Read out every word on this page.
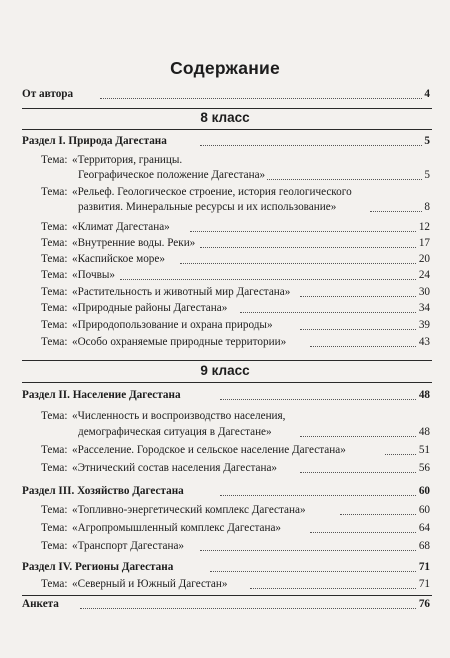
Содержание
От автора	4
8 класс
Раздел I. Природа Дагестана	5
Тема: «Территория, границы.
Географическое положение Дагестана»	5
Тема: «Рельеф. Геологическое строение, история геологического
развития. Минеральные ресурсы и их использование»	8
Тема: «Климат Дагестана»	12
Тема: «Внутренние воды. Реки»	17
Тема: «Каспийское море»	20
Тема: «Почвы»	24
Тема: «Растительность и животный мир Дагестана»	30
Тема: «Природные районы Дагестана»	34
Тема: «Природопользование и охрана природы»	39
Тема: «Особо охраняемые природные территории»	43
9 класс
Раздел II. Население Дагестана	48
Тема: «Численность и воспроизводство населения,
демографическая ситуация в Дагестане»	48
Тема: «Расселение. Городское и сельское население Дагестана»	51
Тема: «Этнический состав населения Дагестана»	56
Раздел III. Хозяйство Дагестана	60
Тема: «Топливно-энергетический комплекс Дагестана»	60
Тема: «Агропромышленный комплекс Дагестана»	64
Тема: «Транспорт Дагестана»	68
Раздел IV. Регионы Дагестана	71
Тема: «Северный и Южный Дагестан»	71
Анкета	76
